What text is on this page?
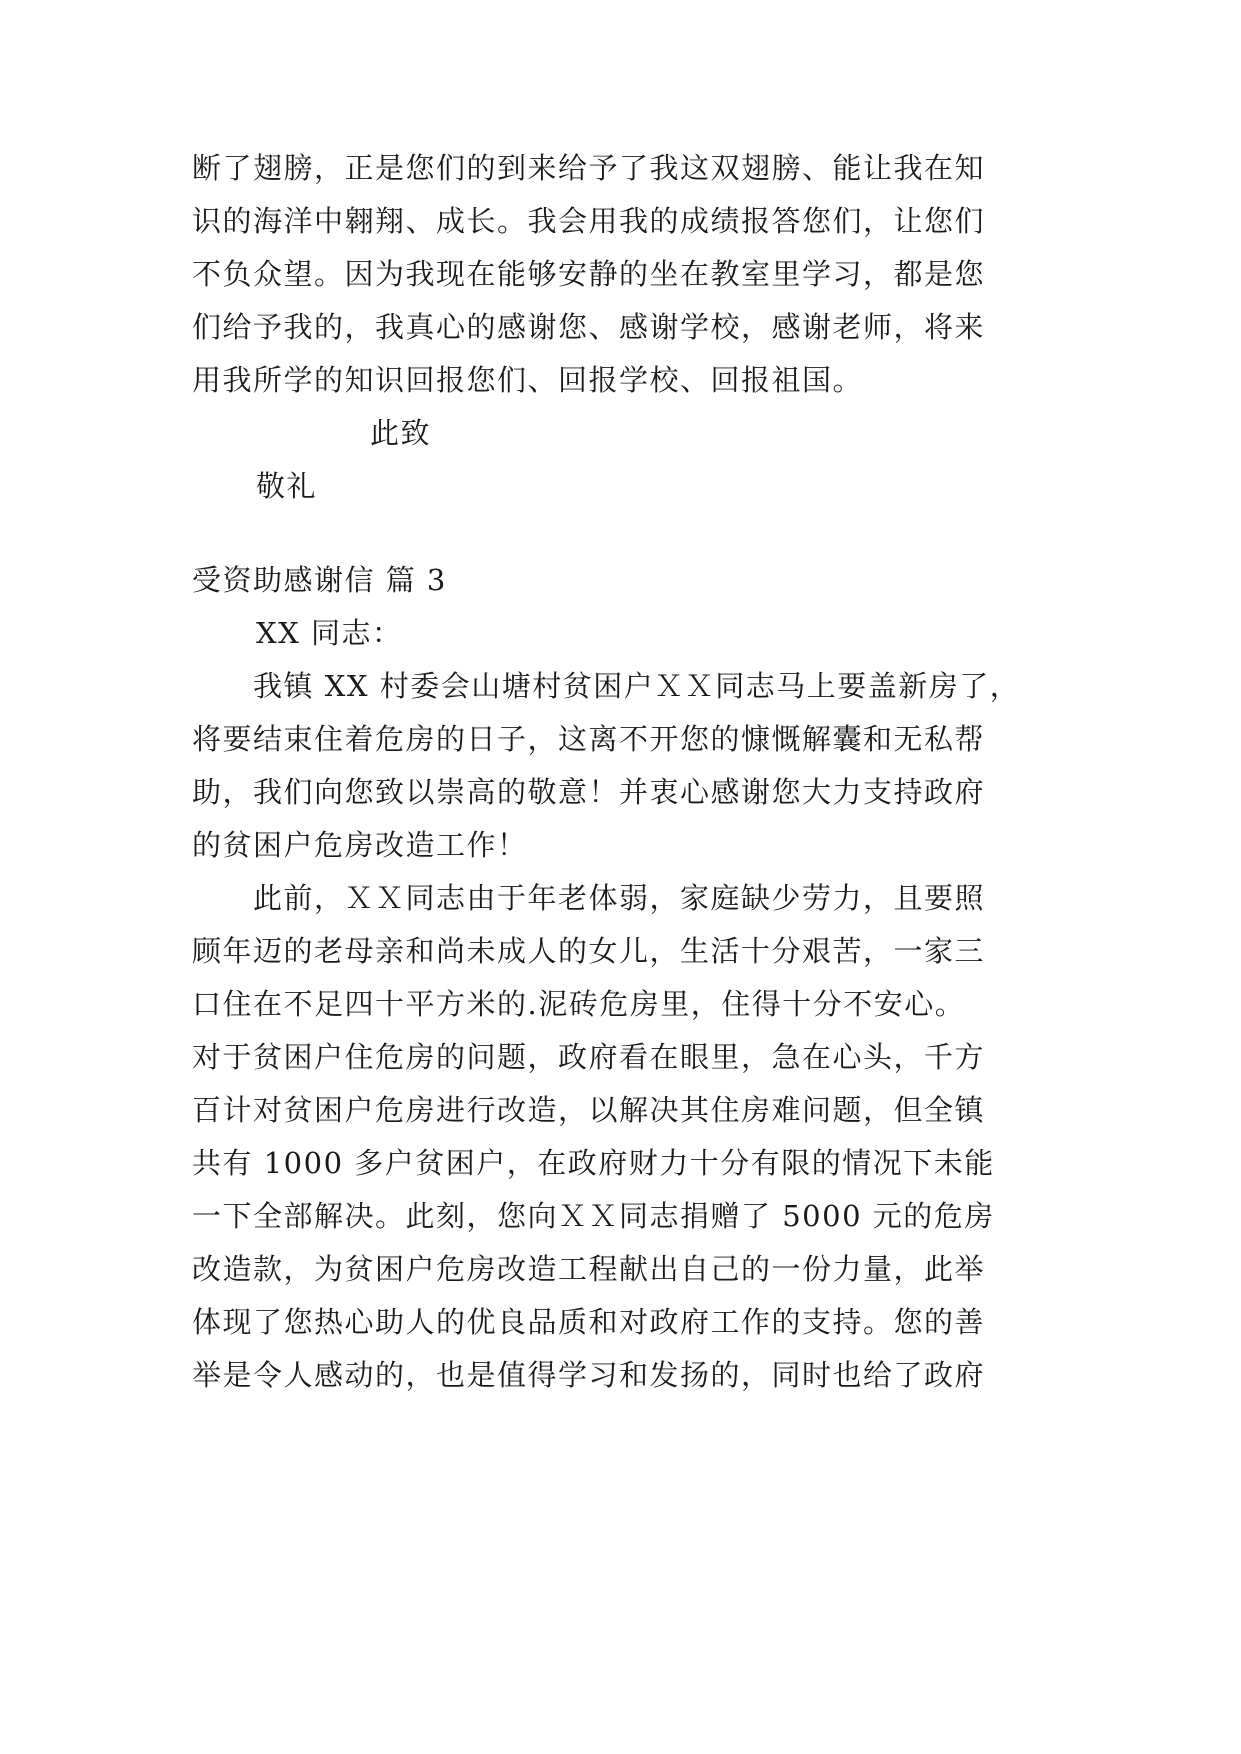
断了翅膀，正是您们的到来给予了我这双翅膀、能让我在知
识的海洋中翱翔、成长。我会用我的成绩报答您们，让您们
不负众望。因为我现在能够安静的坐在教室里学习，都是您
们给予我的，我真心的感谢您、感谢学校，感谢老师，将来
用我所学的知识回报您们、回报学校、回报祖国。
此致
敬礼
受资助感谢信 篇 3
XX 同志：
　　我镇 XX 村委会山塘村贫困户ＸＸ同志马上要盖新房了，
将要结束住着危房的日子，这离不开您的慷慨解囊和无私帮
助，我们向您致以崇高的敬意！并衷心感谢您大力支持政府
的贫困户危房改造工作！
　　此前，ＸＸ同志由于年老体弱，家庭缺少劳力，且要照
顾年迈的老母亲和尚未成人的女儿，生活十分艰苦，一家三
口住在不足四十平方米的.泥砖危房里，住得十分不安心。
对于贫困户住危房的问题，政府看在眼里，急在心头，千方
百计对贫困户危房进行改造，以解决其住房难问题，但全镇
共有 1000 多户贫困户，在政府财力十分有限的情况下未能
一下全部解决。此刻，您向ＸＸ同志捐赠了 5000 元的危房
改造款，为贫困户危房改造工程献出自己的一份力量，此举
体现了您热心助人的优良品质和对政府工作的支持。您的善
举是令人感动的，也是值得学习和发扬的，同时也给了政府
